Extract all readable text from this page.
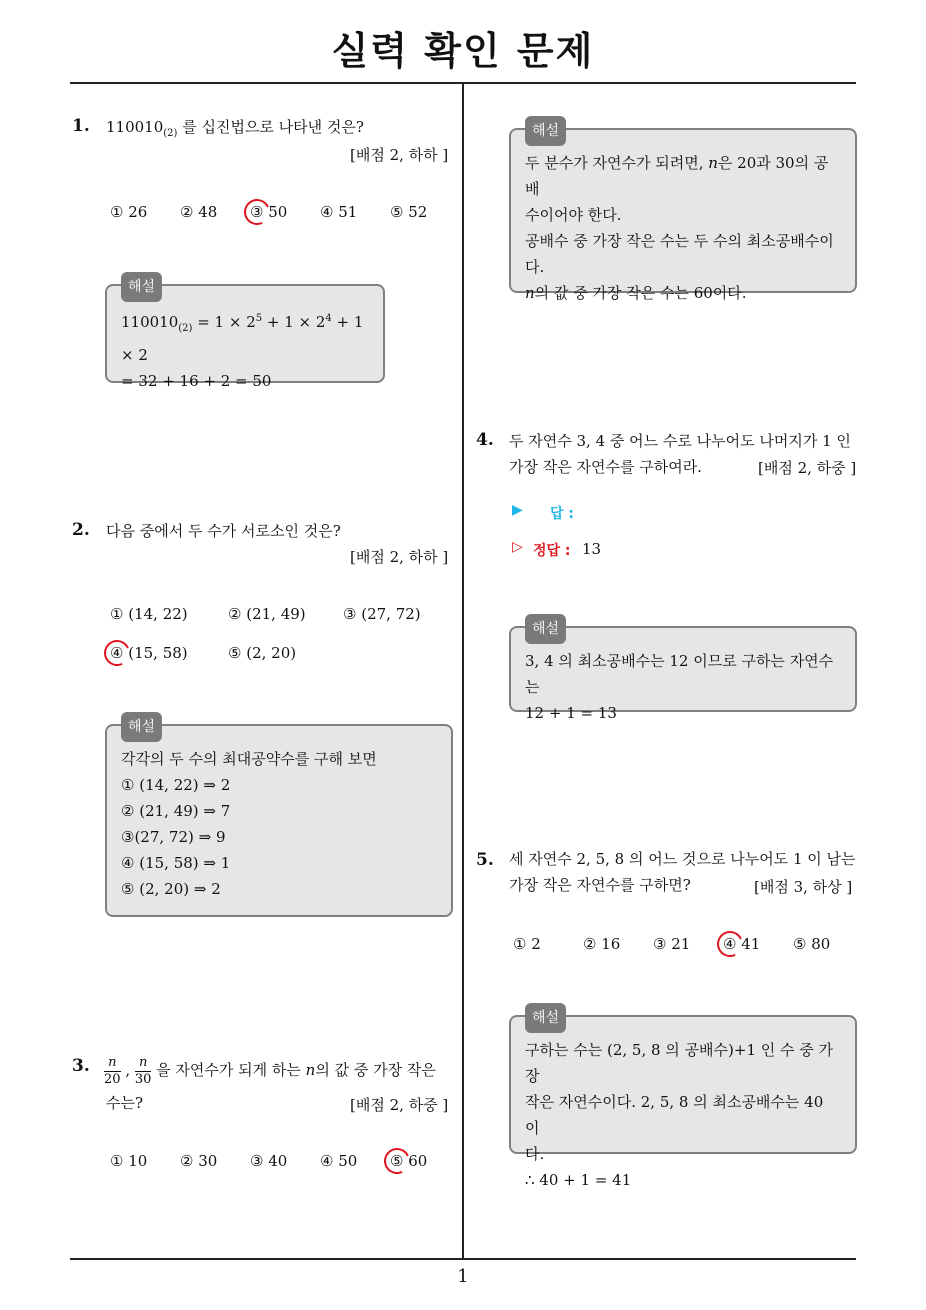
실력 확인 문제
1. $110010_{(2)}$ 를 십진법으로 나타낸 것은?
[배점 2, 하하 ]
① 26 ② 48 ③ 50 ④ 51 ⑤ 52
해설
$110010_{(2)} = 1 \times 2^5 + 1 \times 2^4 + 1 \times 2$
= 32 + 16 + 2 = 50
2. 다음 중에서 두 수가 서로소인 것은?
[배점 2, 하하 ]
① (14, 22)	② (21, 49) ③ (27, 72)
④ (15, 58)	⑤ (2, 20)
해설
각각의 두 수의 최대공약수를 구해 보면
① (14, 22) ⇒ 2
② (21, 49) ⇒ 7
③(27, 72) ⇒ 9
④ (15, 58) ⇒ 1
⑤ (2, 20) ⇒ 2
3. $\frac{n}{20}$ , $\frac{n}{30}$ 을 자연수가 되게 하는 n의 값 중 가장 작은
수는?	[배점 2, 하중 ]
① 10 ② 30 ③ 40 ④ 50 ⑤ 60
해설
두 분수가 자연수가 되려면, n은 20과 30의 공배
수이어야 한다.
공배수 중 가장 작은 수는 두 수의 최소공배수이
다.
n의 값 중 가장 작은 수는 60이다.
4. 두 자연수 3, 4 중 어느 수로 나누어도 나머지가 1 인
가장 작은 자연수를 구하여라.	[배점 2, 하중 ]
▶ 답 :
▷ 정답 : 13
해설
3, 4 의 최소공배수는 12 이므로 구하는 자연수는
12 + 1 = 13
5. 세 자연수 2, 5, 8 의 어느 것으로 나누어도 1 이 남는
가장 작은 자연수를 구하면?	[배점 3, 하상 ]
① 2	② 16 ③ 21 ④ 41 ⑤ 80
해설
구하는 수는 (2, 5, 8 의 공배수)+1 인 수 중 가장
작은 자연수이다. 2, 5, 8 의 최소공배수는 40 이
다.
∴ 40 + 1 = 41
1
